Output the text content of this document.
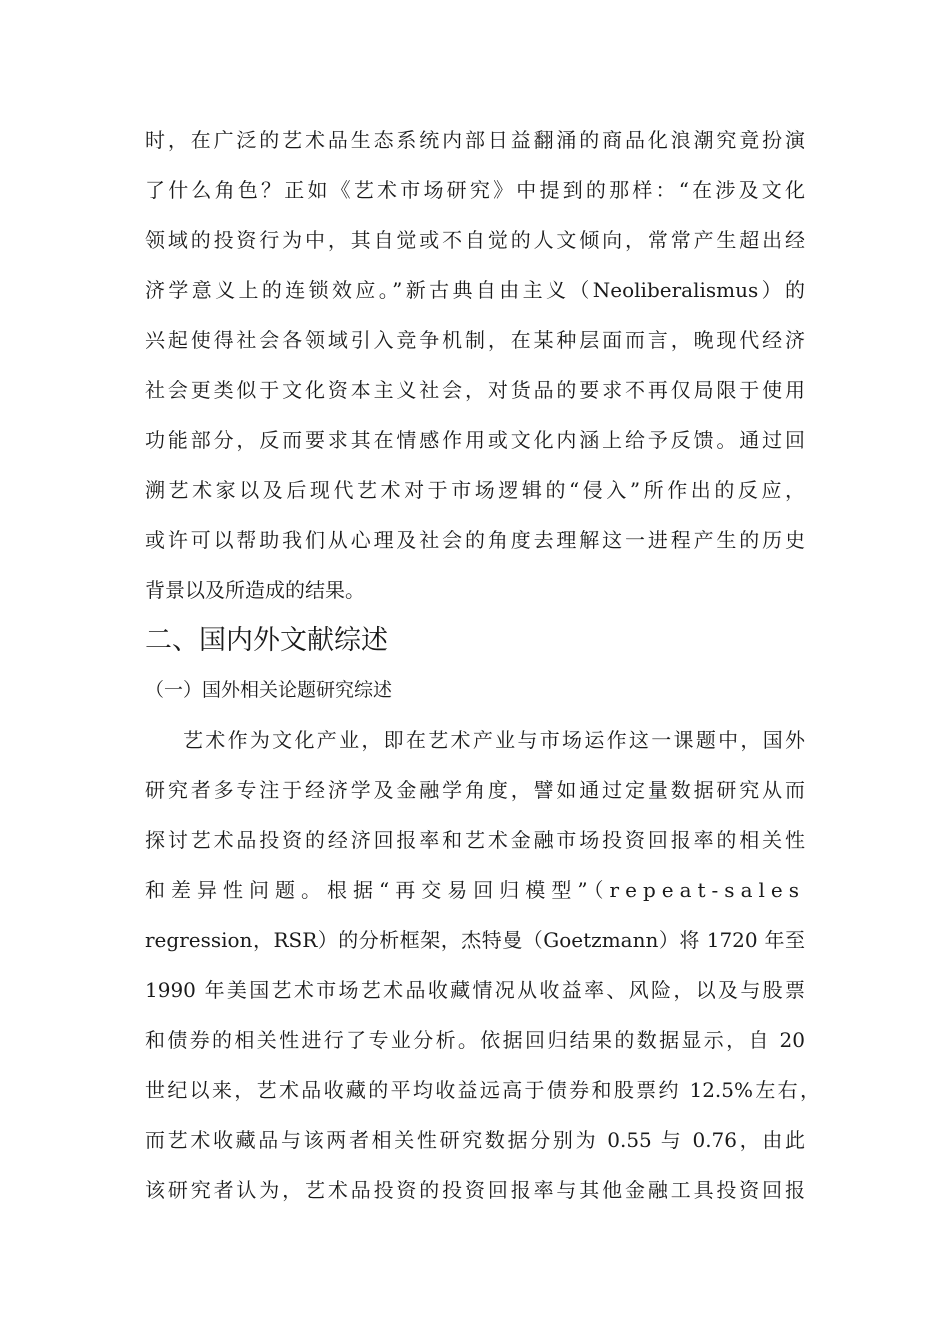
时，在广泛的艺术品生态系统内部日益翻涌的商品化浪潮究竟扮演
了什么角色？正如《艺术市场研究》中提到的那样：“在涉及文化
领域的投资行为中，其自觉或不自觉的人文倾向，常常产生超出经
济学意义上的连锁效应。”新古典自由主义（Neoliberalismus）的
兴起使得社会各领域引入竞争机制，在某种层面而言，晚现代经济
社会更类似于文化资本主义社会，对货品的要求不再仅局限于使用
功能部分，反而要求其在情感作用或文化内涵上给予反馈。通过回
溯艺术家以及后现代艺术对于市场逻辑的“侵入”所作出的反应，
或许可以帮助我们从心理及社会的角度去理解这一进程产生的历史
背景以及所造成的结果。
二、国内外文献综述
（一）国外相关论题研究综述
艺术作为文化产业，即在艺术产业与市场运作这一课题中，国外
研究者多专注于经济学及金融学角度，譬如通过定量数据研究从而
探讨艺术品投资的经济回报率和艺术金融市场投资回报率的相关性
和差异性问题。根据“再交易回归模型”（repeat-sales
regression，RSR）的分析框架，杰特曼（Goetzmann）将 1720 年至
1990 年美国艺术市场艺术品收藏情况从收益率、风险，以及与股票
和债券的相关性进行了专业分析。依据回归结果的数据显示，自 20
世纪以来，艺术品收藏的平均收益远高于债券和股票约 12.5%左右，
而艺术收藏品与该两者相关性研究数据分别为 0.55 与 0.76，由此
该研究者认为，艺术品投资的投资回报率与其他金融工具投资回报
